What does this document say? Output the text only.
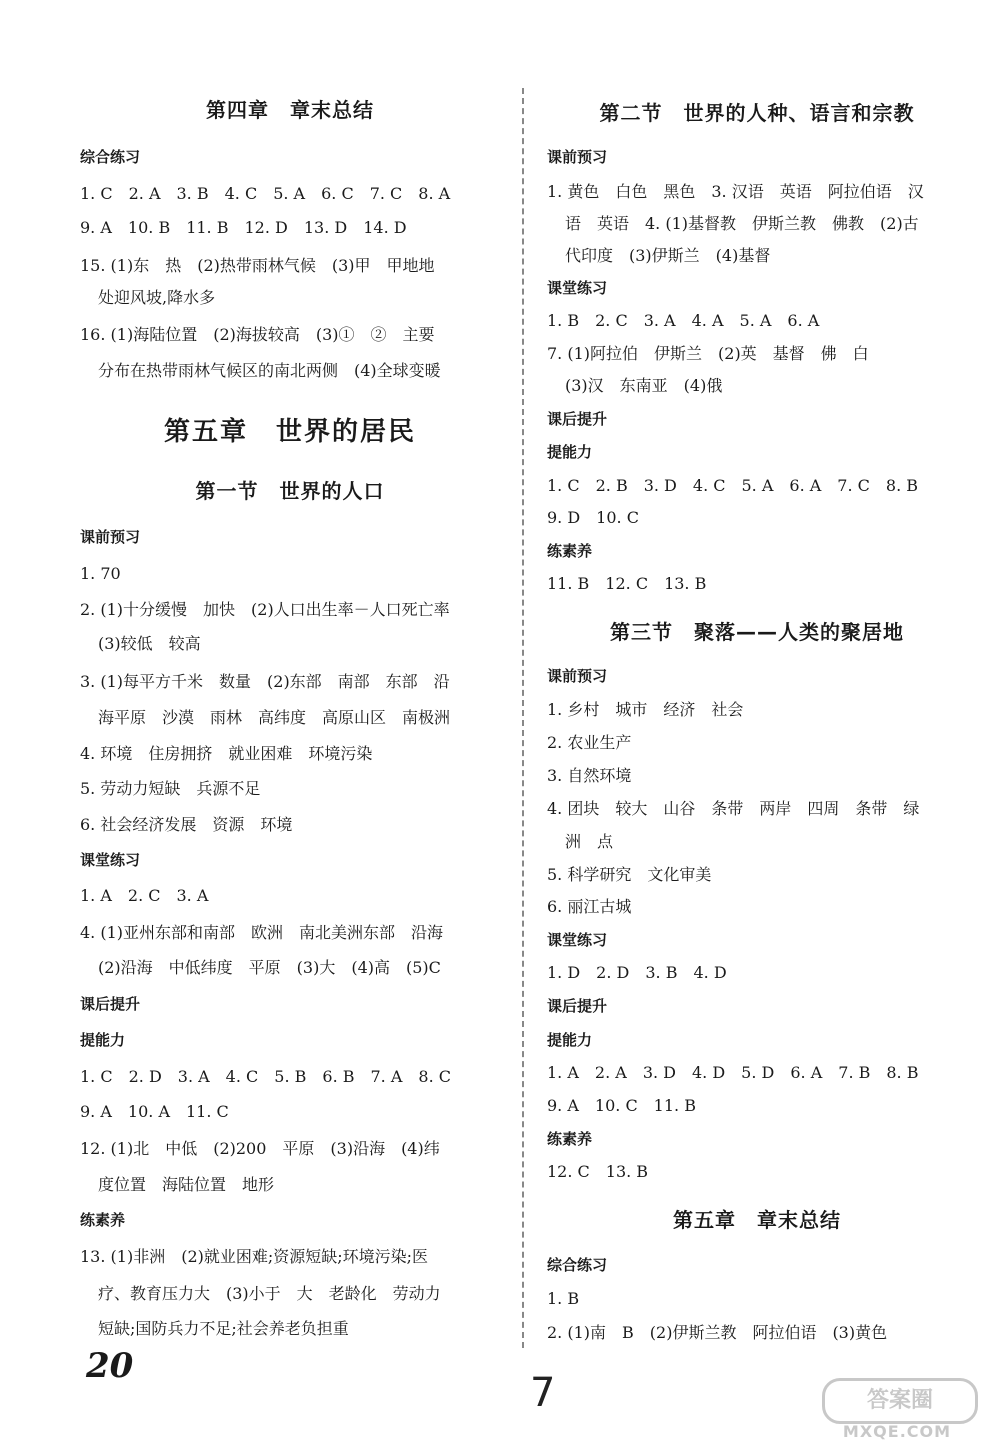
第四章　章末总结
综合练习
1. C　2. A　3. B　4. C　5. A　6. C　7. C　8. A
9. A　10. B　11. B　12. D　13. D　14. D
15. (1)东　热　(2)热带雨林气候　(3)甲　甲地地
处迎风坡,降水多
16. (1)海陆位置　(2)海拔较高　(3)①　②　主要
分布在热带雨林气候区的南北两侧　(4)全球变暖
第五章　世界的居民
第一节　世界的人口
课前预习
1. 70
2. (1)十分缓慢　加快　(2)人口出生率－人口死亡率
(3)较低　较高
3. (1)每平方千米　数量　(2)东部　南部　东部　沿
海平原　沙漠　雨林　高纬度　高原山区　南极洲
4. 环境　住房拥挤　就业困难　环境污染
5. 劳动力短缺　兵源不足
6. 社会经济发展　资源　环境
课堂练习
1. A　2. C　3. A
4. (1)亚州东部和南部　欧洲　南北美洲东部　沿海
(2)沿海　中低纬度　平原　(3)大　(4)高　(5)C
课后提升
提能力
1. C　2. D　3. A　4. C　5. B　6. B　7. A　8. C
9. A　10. A　11. C
12. (1)北　中低　(2)200　平原　(3)沿海　(4)纬
度位置　海陆位置　地形
练素养
13. (1)非洲　(2)就业困难;资源短缺;环境污染;医
疗、教育压力大　(3)小于　大　老龄化　劳动力
短缺;国防兵力不足;社会养老负担重
第二节　世界的人种、语言和宗教
课前预习
1. 黄色　白色　黑色　3. 汉语　英语　阿拉伯语　汉
语　英语　4. (1)基督教　伊斯兰教　佛教　(2)古
代印度　(3)伊斯兰　(4)基督
课堂练习
1. B　2. C　3. A　4. A　5. A　6. A
7. (1)阿拉伯　伊斯兰　(2)英　基督　佛　白
(3)汉　东南亚　(4)俄
课后提升
提能力
1. C　2. B　3. D　4. C　5. A　6. A　7. C　8. B
9. D　10. C
练素养
11. B　12. C　13. B
第三节　聚落——人类的聚居地
课前预习
1. 乡村　城市　经济　社会
2. 农业生产
3. 自然环境
4. 团块　较大　山谷　条带　两岸　四周　条带　绿
洲　点
5. 科学研究　文化审美
6. 丽江古城
课堂练习
1. D　2. D　3. B　4. D
课后提升
提能力
1. A　2. A　3. D　4. D　5. D　6. A　7. B　8. B
9. A　10. C　11. B
练素养
12. C　13. B
第五章　章末总结
综合练习
1. B
2. (1)南　B　(2)伊斯兰教　阿拉伯语　(3)黄色
20
7	答案圈
MXQE.COM
